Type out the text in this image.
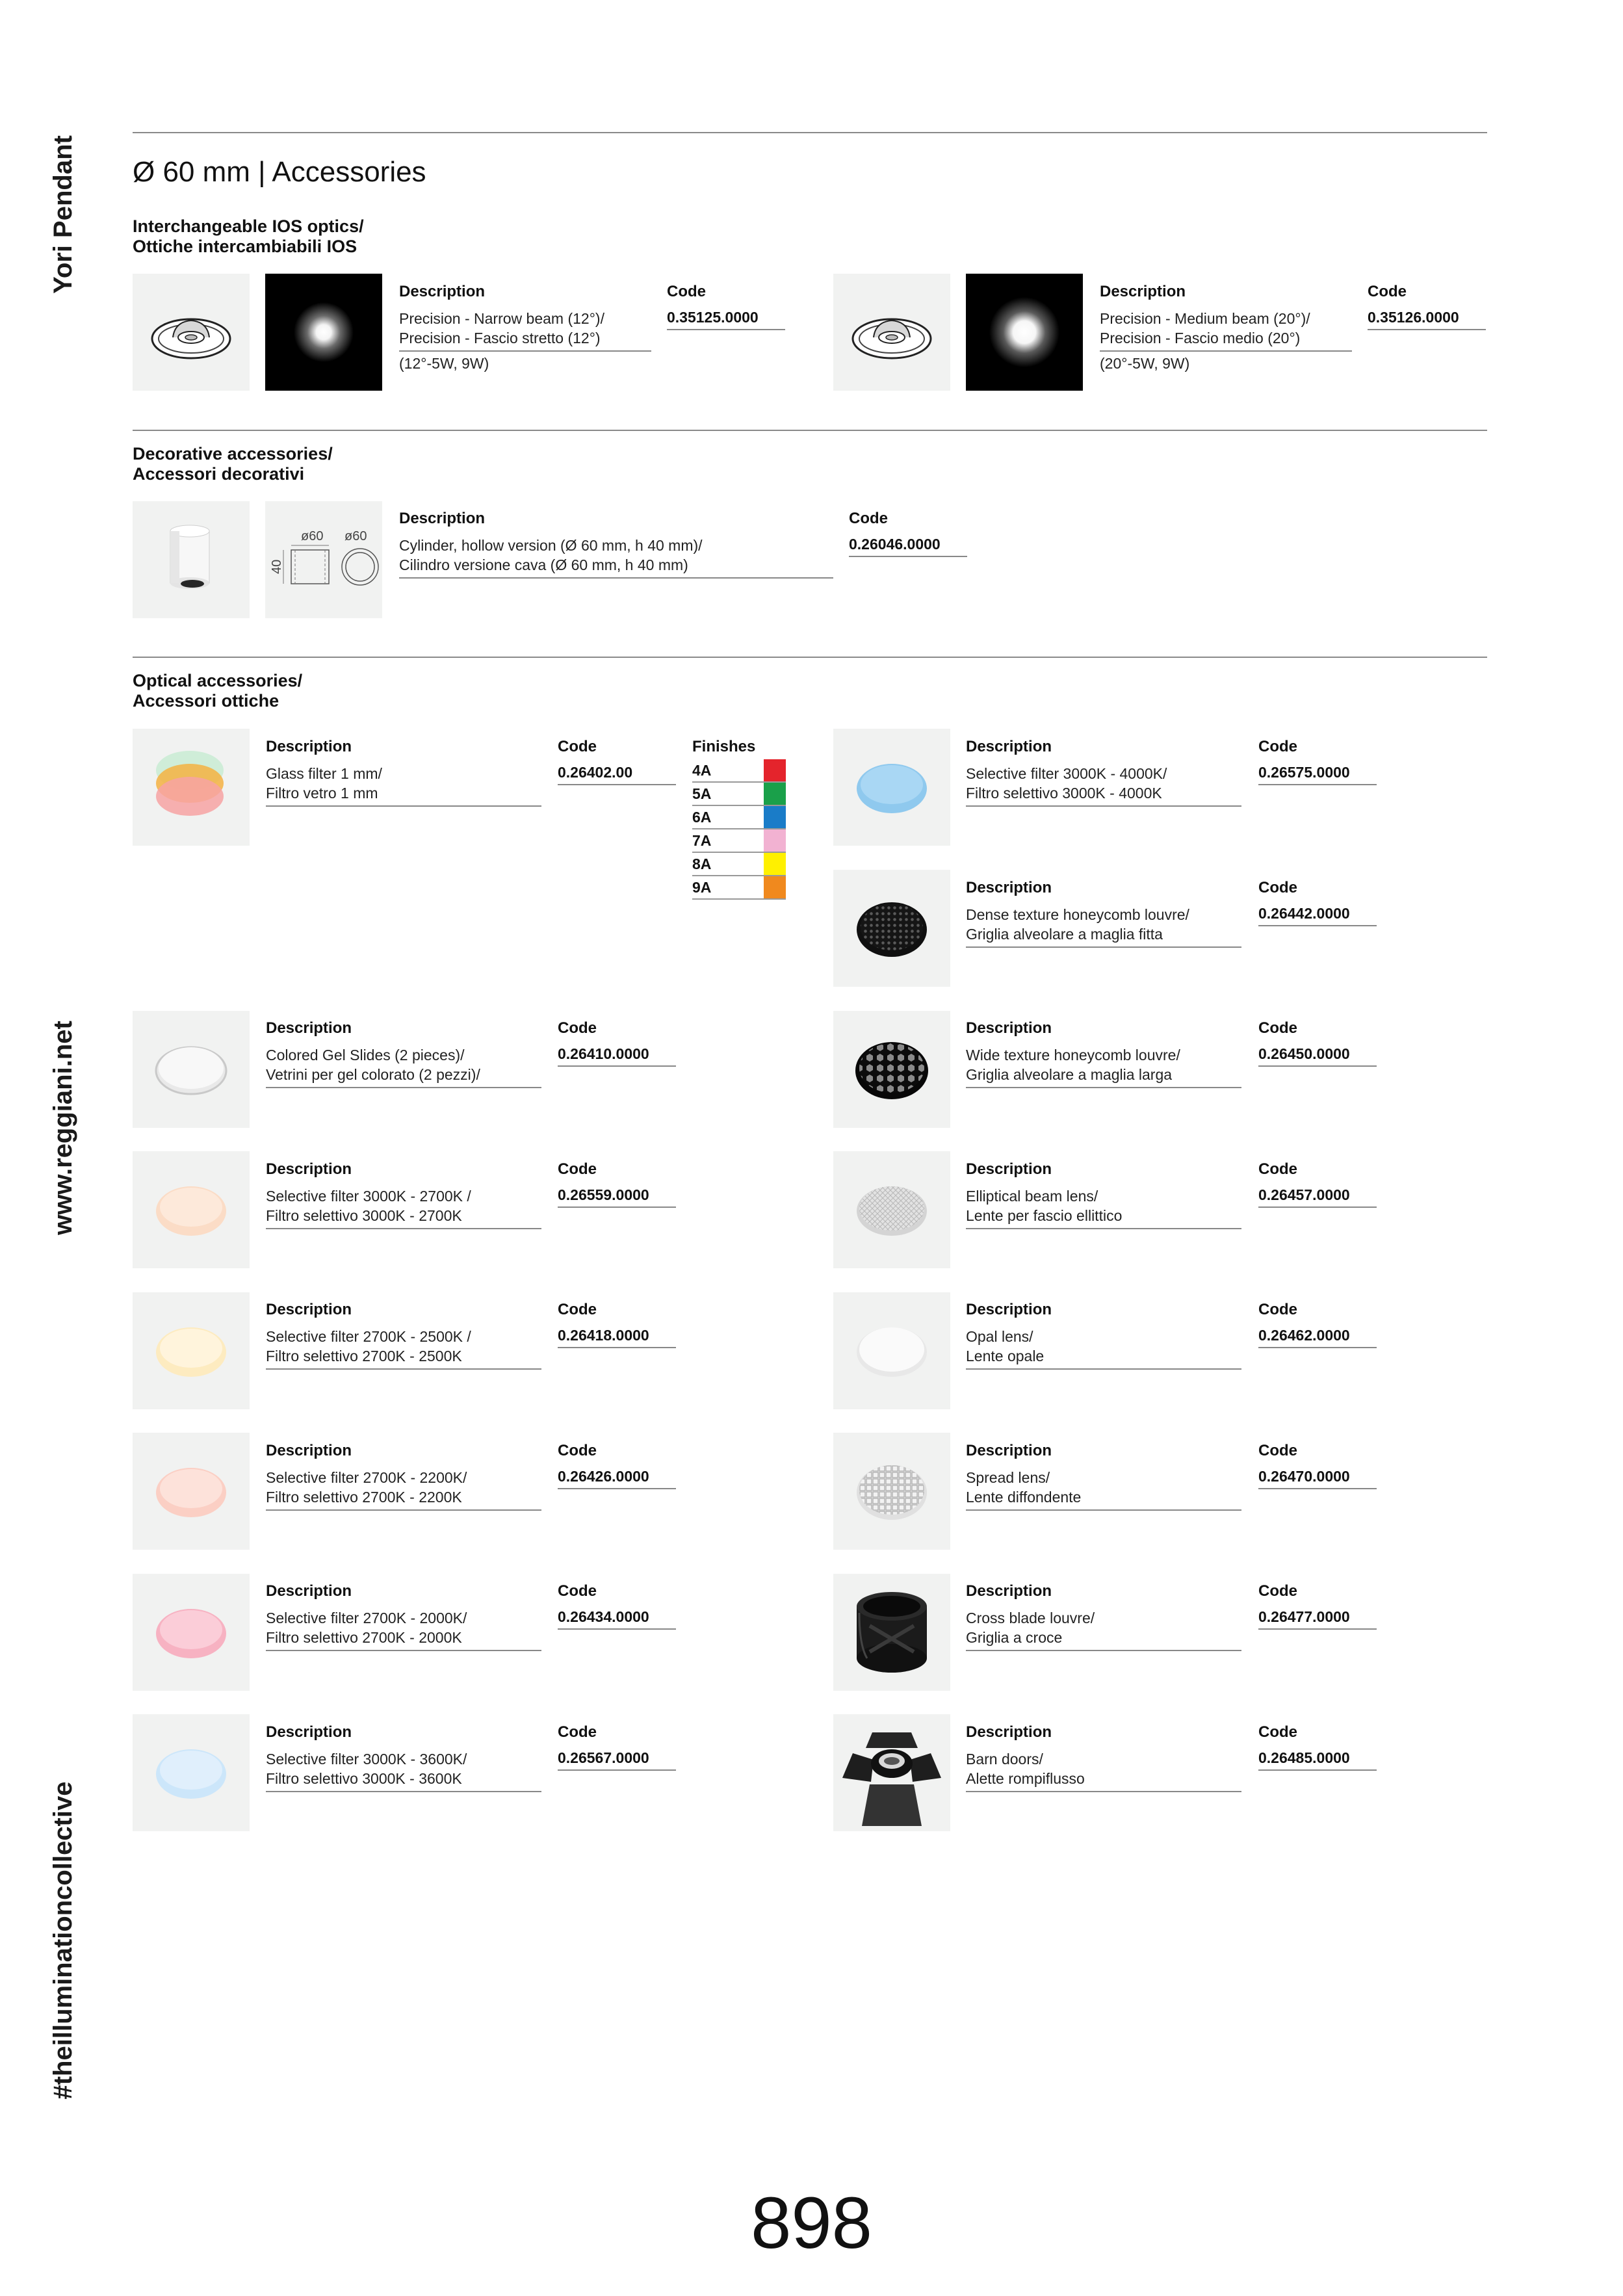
Yori Pendant
www.reggiani.net
#theilluminationcollective
Ø 60 mm | Accessories
Interchangeable IOS optics/
Ottiche intercambiabili IOS
Description
Precision - Narrow beam (12°)/
Precision - Fascio stretto (12°)
(12°-5W, 9W)
Code
0.35125.0000
Description
Precision - Medium beam (20°)/
Precision - Fascio medio (20°)
(20°-5W, 9W)
Code
0.35126.0000
Decorative accessories/
Accessori decorativi
ø60 ø60
40
Description
Cylinder, hollow version (Ø 60 mm, h 40 mm)/
Cilindro versione cava (Ø 60 mm, h 40 mm)
Code
0.26046.0000
Optical accessories/
Accessori ottiche
Description
Glass filter 1 mm/
Filtro vetro 1 mm
Code
0.26402.00
Finishes
4A
5A
6A
7A
8A
9A
Description
Colored Gel Slides (2 pieces)/
Vetrini per gel colorato (2 pezzi)/
Code
0.26410.0000
Description
Selective filter 3000K - 2700K /
Filtro selettivo 3000K - 2700K
Code
0.26559.0000
Description
Selective filter 2700K - 2500K /
Filtro selettivo 2700K - 2500K
Code
0.26418.0000
Description
Selective filter 2700K - 2200K/
Filtro selettivo 2700K - 2200K
Code
0.26426.0000
Description
Selective filter 2700K - 2000K/
Filtro selettivo 2700K - 2000K
Code
0.26434.0000
Description
Selective filter 3000K - 3600K/
Filtro selettivo 3000K - 3600K
Code
0.26567.0000
Description
Selective filter 3000K - 4000K/
Filtro selettivo 3000K - 4000K
Code
0.26575.0000
Description
Dense texture honeycomb louvre/
Griglia alveolare a maglia fitta
Code
0.26442.0000
Description
Wide texture honeycomb louvre/
Griglia alveolare a maglia larga
Code
0.26450.0000
Description
Elliptical beam lens/
Lente per fascio ellittico
Code
0.26457.0000
Description
Opal lens/
Lente opale
Code
0.26462.0000
Description
Spread lens/
Lente diffondente
Code
0.26470.0000
Description
Cross blade louvre/
Griglia a croce
Code
0.26477.0000
Description
Barn doors/
Alette rompiflusso
Code
0.26485.0000
898
